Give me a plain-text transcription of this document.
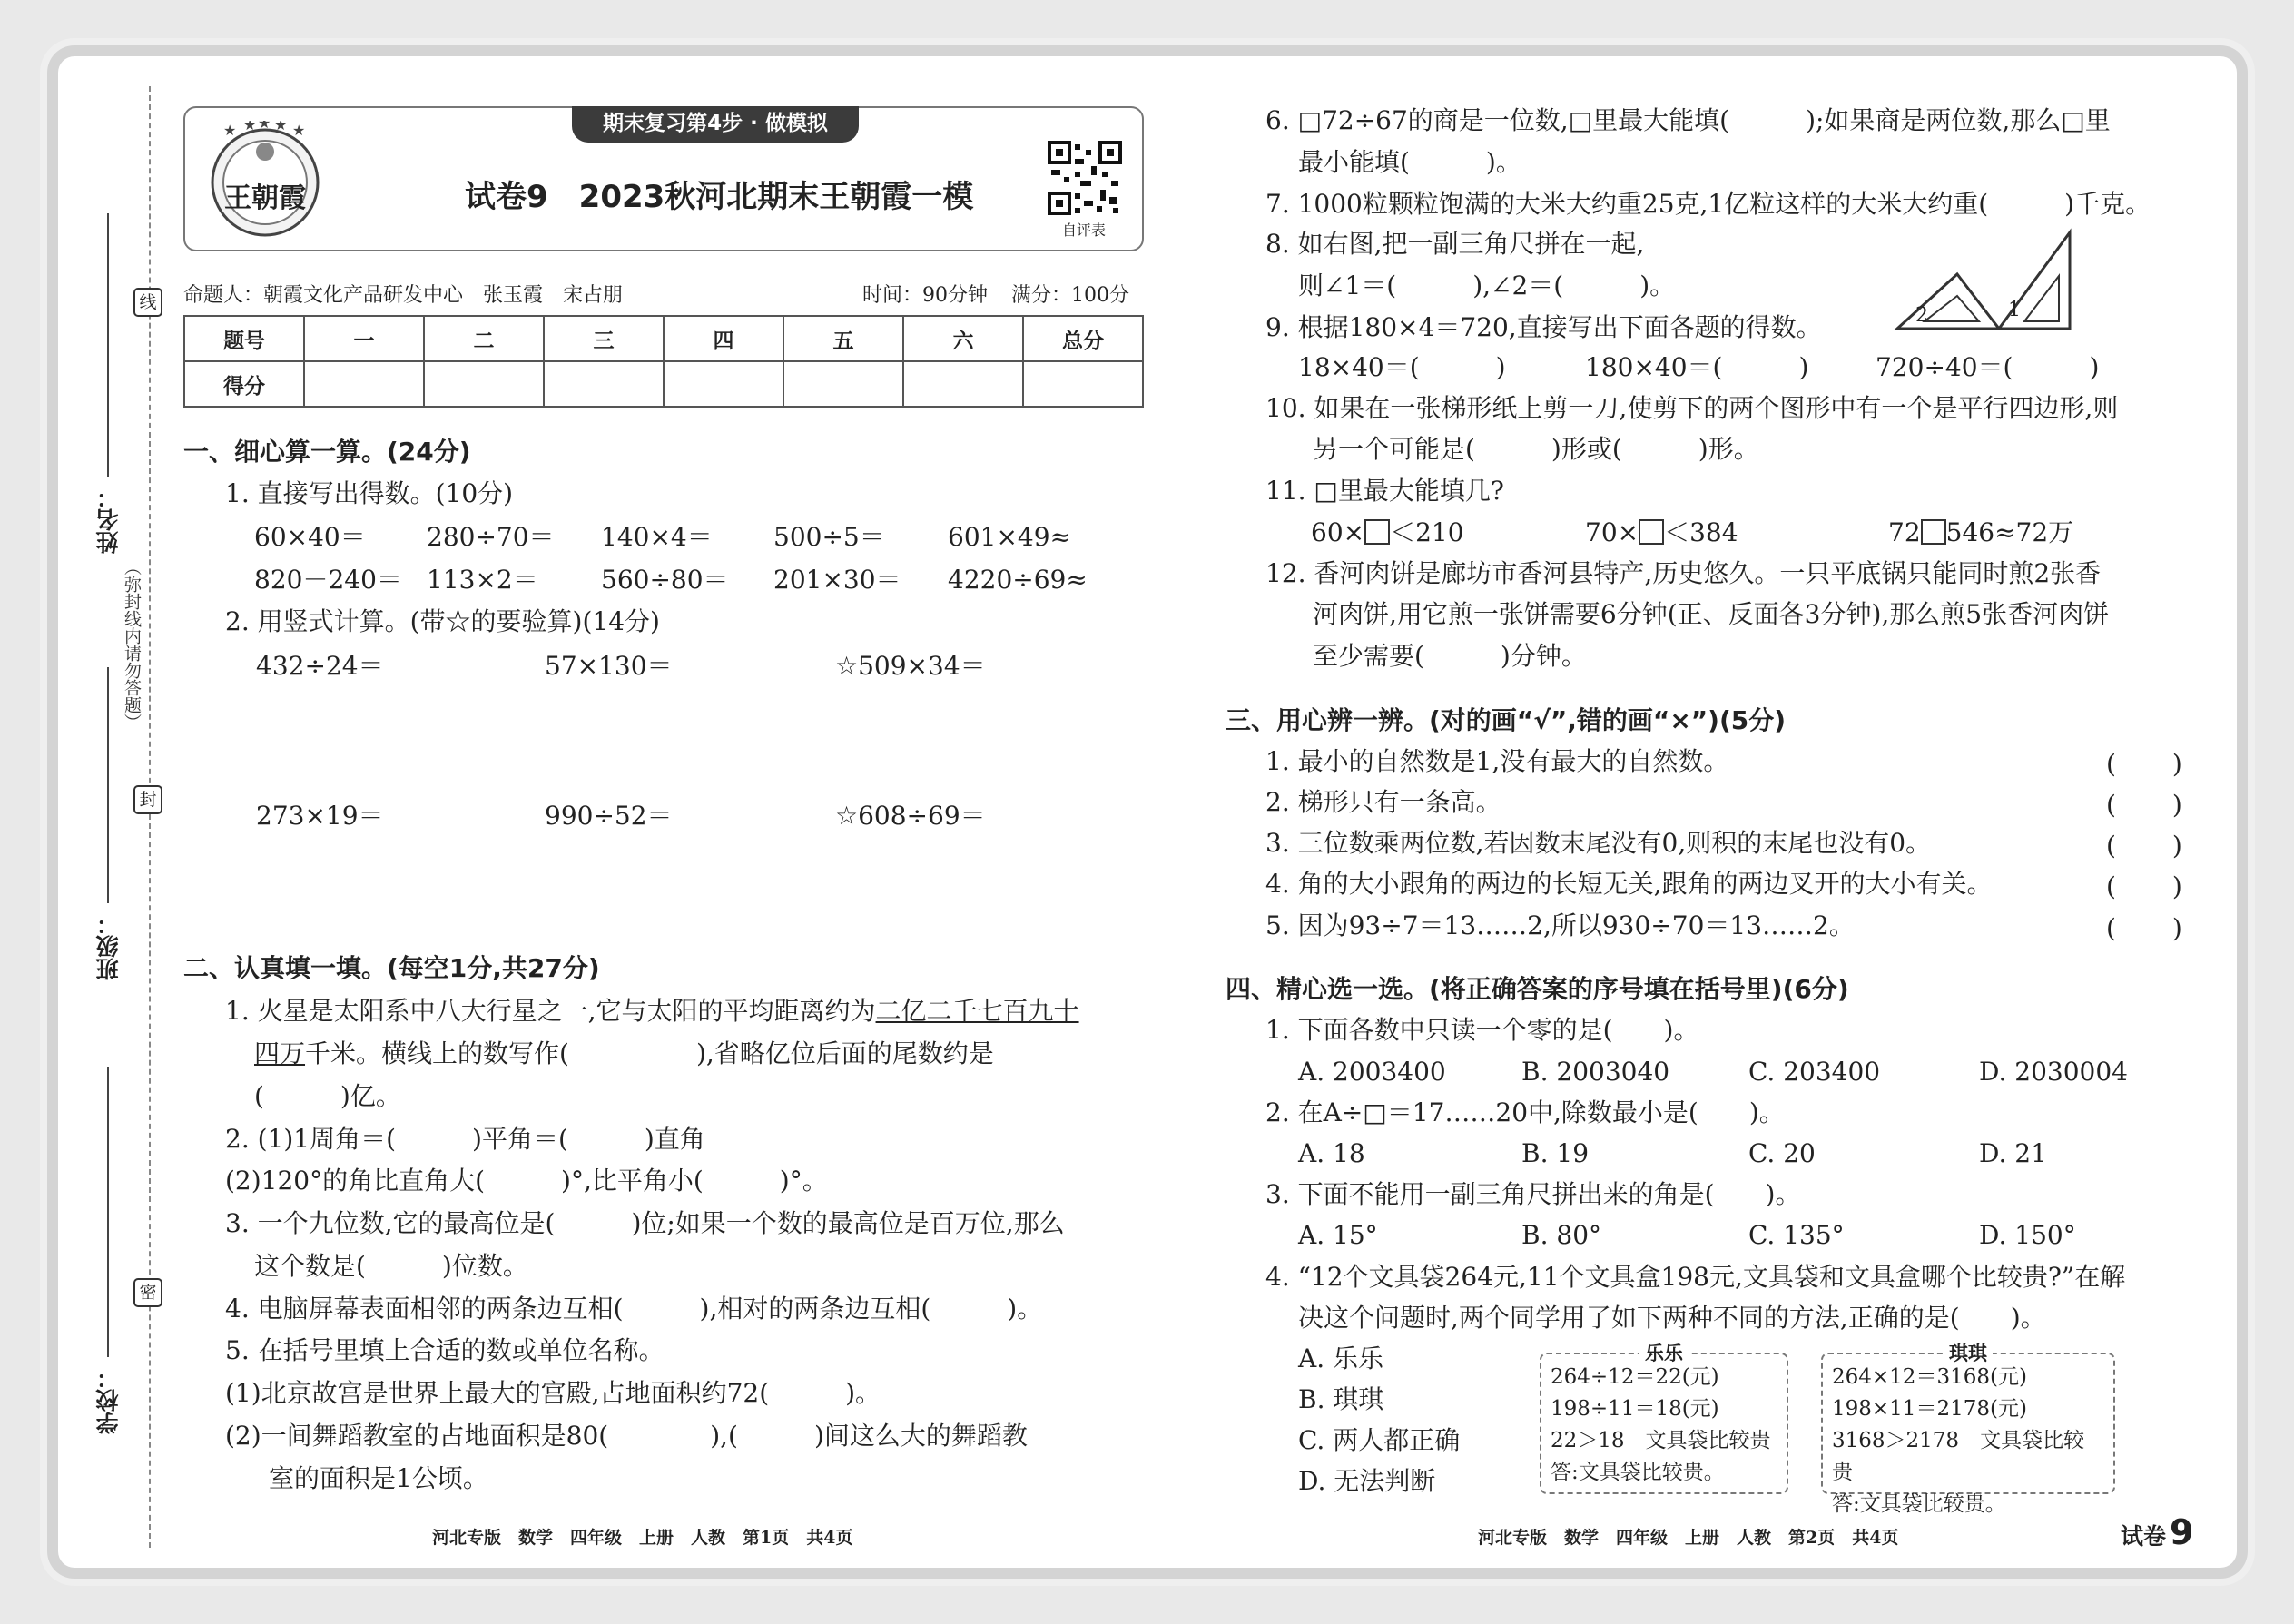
线
封
密
（弥封线内请勿答题）
姓名：
班级：
学校：
期末复习第4步 · 做模拟
★ ★ ★ ★ ★
王朝霞	试卷9　2023秋河北期末王朝霞一模
自评表
命题人：朝霞文化产品研发中心　张玉霞　宋占朋	时间：90分钟 满分：100分
题号	一	二	三	四	五	六	总分
得分							
一、细心算一算。(24分)
1. 直接写出得数。(10分)
60×40＝ 280÷70＝ 140×4＝ 500÷5＝ 601×49≈
820－240＝ 113×2＝ 560÷80＝ 201×30＝ 4220÷69≈
2. 用竖式计算。(带☆的要验算)(14分)
432÷24＝	57×130＝	☆509×34＝
273×19＝	990÷52＝	☆608÷69＝
二、认真填一填。(每空1分,共27分)
1. 火星是太阳系中八大行星之一,它与太阳的平均距离约为二亿二千七百九十
四万千米。横线上的数写作(　　　　　),省略亿位后面的尾数约是
(　　　)亿。
2. (1)1周角＝(　　　)平角＝(　　　)直角
(2)120°的角比直角大(　　　)°,比平角小(　　　)°。
3. 一个九位数,它的最高位是(　　　)位;如果一个数的最高位是百万位,那么
这个数是(　　　)位数。
4. 电脑屏幕表面相邻的两条边互相(　　　),相对的两条边互相(　　　)。
5. 在括号里填上合适的数或单位名称。
(1)北京故宫是世界上最大的宫殿,占地面积约72(　　　)。
(2)一间舞蹈教室的占地面积是80(　　　　),(　　　)间这么大的舞蹈教
室的面积是1公顷。
河北专版　数学　四年级　上册　人教　第1页　共4页
6. □72÷67的商是一位数,□里最大能填(　　　);如果商是两位数,那么□里
最小能填(　　　)。
7. 1000粒颗粒饱满的大米大约重25克,1亿粒这样的大米大约重(　　　)千克。
8. 如右图,把一副三角尺拼在一起,
则∠1＝(　　　),∠2＝(　　　)。
2	1
9. 根据180×4＝720,直接写出下面各题的得数。
18×40＝(　　　)	180×40＝(　　　)	720÷40＝(　　　)
10. 如果在一张梯形纸上剪一刀,使剪下的两个图形中有一个是平行四边形,则
另一个可能是(　　　)形或(　　　)形。
11. □里最大能填几?
60× ＜210	70× ＜384	72 546≈72万
12. 香河肉饼是廊坊市香河县特产,历史悠久。一只平底锅只能同时煎2张香
河肉饼,用它煎一张饼需要6分钟(正、反面各3分钟),那么煎5张香河肉饼
至少需要(　　　)分钟。
三、用心辨一辨。(对的画“√”,错的画“×”)(5分)
1. 最小的自然数是1,没有最大的自然数。	(　　)
2. 梯形只有一条高。	(　　)
3. 三位数乘两位数,若因数末尾没有0,则积的末尾也没有0。	(　　)
4. 角的大小跟角的两边的长短无关,跟角的两边叉开的大小有关。	(　　)
5. 因为93÷7＝13……2,所以930÷70＝13……2。	(　　)
四、精心选一选。(将正确答案的序号填在括号里)(6分)
1. 下面各数中只读一个零的是(　　)。
A. 2003400	B. 2003040	C. 203400	D. 2030004
2. 在A÷□＝17……20中,除数最小是(　　)。
A. 18	B. 19	C. 20	D. 21
3. 下面不能用一副三角尺拼出来的角是(　　)。
A. 15°	B. 80°	C. 135°	D. 150°
4. “12个文具袋264元,11个文具盒198元,文具袋和文具盒哪个比较贵?”在解
决这个问题时,两个同学用了如下两种不同的方法,正确的是(　　)。
A. 乐乐
B. 琪琪
C. 两人都正确
D. 无法判断
乐乐
264÷12＝22(元)
198÷11＝18(元)
22＞18　文具袋比较贵
答:文具袋比较贵。
琪琪
264×12＝3168(元)
198×11＝2178(元)
3168＞2178　文具袋比较贵
答:文具袋比较贵。
河北专版　数学　四年级　上册　人教　第2页　共4页	试卷 9
